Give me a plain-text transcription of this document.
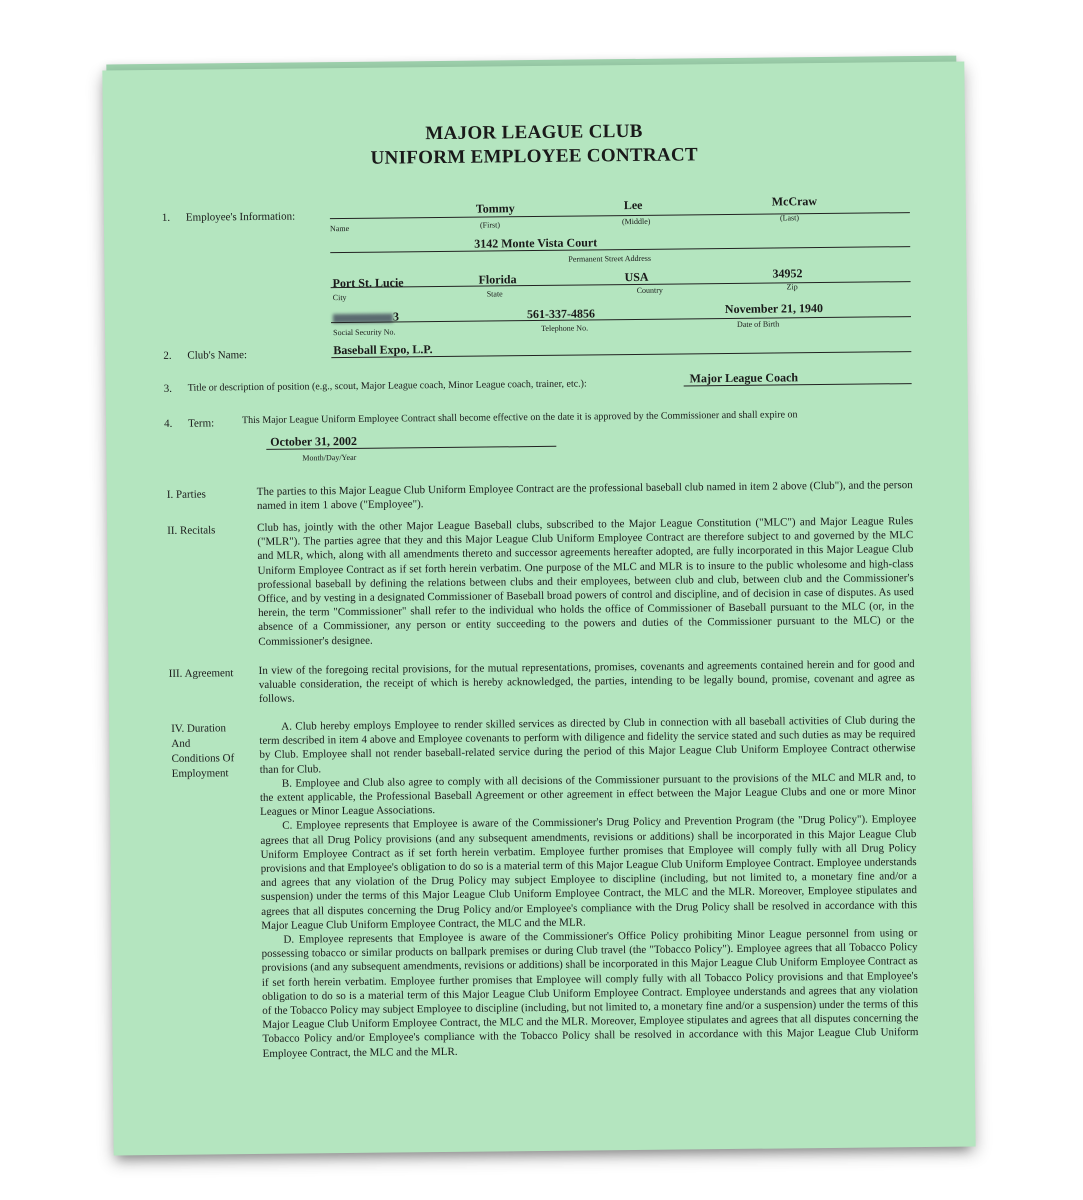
MAJOR LEAGUE CLUB
UNIFORM EMPLOYEE CONTRACT
1. Employee's Information:
Tommy	Lee	McCraw
Name	(First)	(Middle)	(Last)
3142 Monte Vista Court
Permanent Street Address
Port St. Lucie	Florida	USA	34952
City	State	Country	Zip
3	561-337-4856	November 21, 1940
Social Security No.	Telephone No.	Date of Birth
2. Club's Name:	Baseball Expo, L.P.
3. Title or description of position (e.g., scout, Major League coach, Minor League coach, trainer, etc.):
Major League Coach
4. Term:	This Major League Uniform Employee Contract shall become effective on the date it is approved by the Commissioner and shall expire on
October 31, 2002
Month/Day/Year
I. Parties	The parties to this Major League Club Uniform Employee Contract are the professional baseball club named in item 2 above (Club"), and the person named in item 1 above ("Employee").
II. Recitals	Club has, jointly with the other Major League Baseball clubs, subscribed to the Major League Constitution ("MLC") and Major League Rules ("MLR"). The parties agree that they and this Major League Club Uniform Employee Contract are therefore subject to and governed by the MLC and MLR, which, along with all amendments thereto and successor agreements hereafter adopted, are fully incorporated in this Major League Club Uniform Employee Contract as if set forth herein verbatim. One purpose of the MLC and MLR is to insure to the public wholesome and high-class professional baseball by defining the relations between clubs and their employees, between club and club, between club and the Commissioner's Office, and by vesting in a designated Commissioner of Baseball broad powers of control and discipline, and of decision in case of disputes. As used herein, the term "Commissioner" shall refer to the individual who holds the office of Commissioner of Baseball pursuant to the MLC (or, in the absence of a Commissioner, any person or entity succeeding to the powers and duties of the Commissioner pursuant to the MLC) or the Commissioner's designee.
III. Agreement In view of the foregoing recital provisions, for the mutual representations, promises, covenants and agreements contained herein and for good and valuable consideration, the receipt of which is hereby acknowledged, the parties, intending to be legally bound, promise, covenant and agree as follows.
IV. Duration
And
Conditions Of
Employment

A. Club hereby employs Employee to render skilled services as directed by Club in connection with all baseball activities of Club during the term described in item 4 above and Employee covenants to perform with diligence and fidelity the service stated and such duties as may be required by Club. Employee shall not render baseball-related service during the period of this Major League Club Uniform Employee Contract otherwise than for Club.

B. Employee and Club also agree to comply with all decisions of the Commissioner pursuant to the provisions of the MLC and MLR and, to the extent applicable, the Professional Baseball Agreement or other agreement in effect between the Major League Clubs and one or more Minor Leagues or Minor League Associations.

C. Employee represents that Employee is aware of the Commissioner's Drug Policy and Prevention Program (the "Drug Policy"). Employee agrees that all Drug Policy provisions (and any subsequent amendments, revisions or additions) shall be incorporated in this Major League Club Uniform Employee Contract as if set forth herein verbatim. Employee further promises that Employee will comply fully with all Drug Policy provisions and that Employee's obligation to do so is a material term of this Major League Club Uniform Employee Contract. Employee understands and agrees that any violation of the Drug Policy may subject Employee to discipline (including, but not limited to, a monetary fine and/or a suspension) under the terms of this Major League Club Uniform Employee Contract, the MLC and the MLR. Moreover, Employee stipulates and agrees that all disputes concerning the Drug Policy and/or Employee's compliance with the Drug Policy shall be resolved in accordance with this Major League Club Uniform Employee Contract, the MLC and the MLR.

D. Employee represents that Employee is aware of the Commissioner's Office Policy prohibiting Minor League personnel from using or possessing tobacco or similar products on ballpark premises or during Club travel (the "Tobacco Policy"). Employee agrees that all Tobacco Policy provisions (and any subsequent amendments, revisions or additions) shall be incorporated in this Major League Club Uniform Employee Contract as if set forth herein verbatim. Employee further promises that Employee will comply fully with all Tobacco Policy provisions and that Employee's obligation to do so is a material term of this Major League Club Uniform Employee Contract. Employee understands and agrees that any violation of the Tobacco Policy may subject Employee to discipline (including, but not limited to, a monetary fine and/or a suspension) under the terms of this Major League Club Uniform Employee Contract, the MLC and the MLR. Moreover, Employee stipulates and agrees that all disputes concerning the Tobacco Policy and/or Employee's compliance with the Tobacco Policy shall be resolved in accordance with this Major League Club Uniform Employee Contract, the MLC and the MLR.
